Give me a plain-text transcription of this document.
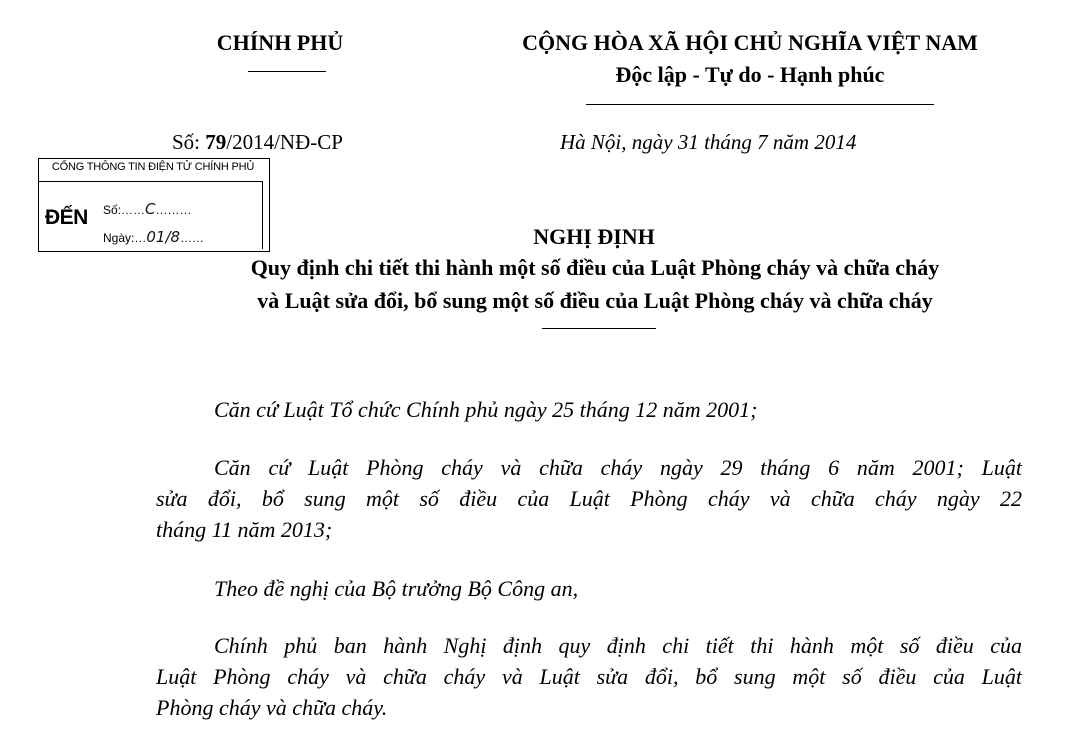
CHÍNH PHỦ	CỘNG HÒA XÃ HỘI CHỦ NGHĨA VIỆT NAM
Độc lập - Tự do - Hạnh phúc
Số: 79/2014/NĐ-CP	Hà Nội, ngày 31 tháng 7 năm 2014
CỔNG THÔNG TIN ĐIỆN TỬ CHÍNH PHỦ
ĐẾN Số:……C………
Ngày:…01/8……	NGHỊ ĐỊNH
Quy định chi tiết thi hành một số điều của Luật Phòng cháy và chữa cháy
và Luật sửa đổi, bổ sung một số điều của Luật Phòng cháy và chữa cháy
Căn cứ Luật Tổ chức Chính phủ ngày 25 tháng 12 năm 2001;
Căn cứ Luật Phòng cháy và chữa cháy ngày 29 tháng 6 năm 2001; Luật
sửa đổi, bổ sung một số điều của Luật Phòng cháy và chữa cháy ngày 22
tháng 11 năm 2013;
Theo đề nghị của Bộ trưởng Bộ Công an,
Chính phủ ban hành Nghị định quy định chi tiết thi hành một số điều của
Luật Phòng cháy và chữa cháy và Luật sửa đổi, bổ sung một số điều của Luật
Phòng cháy và chữa cháy.
